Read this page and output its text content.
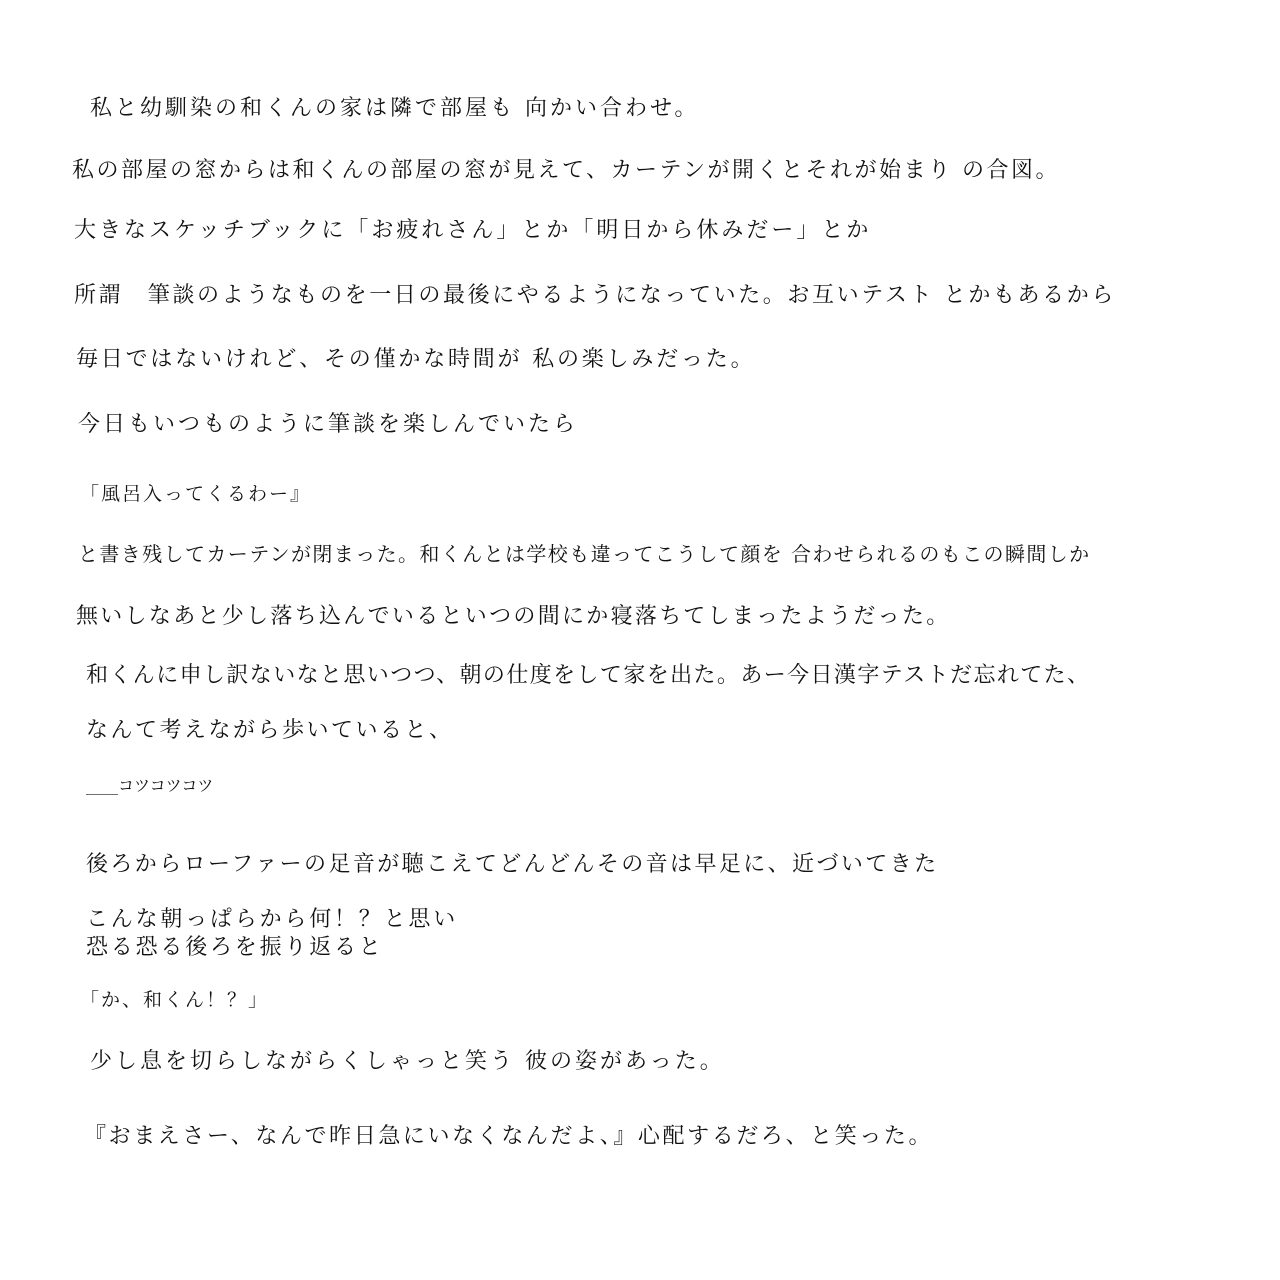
私と幼馴染の和くんの家は隣で部屋も 向かい合わせ。
私の部屋の窓からは和くんの部屋の窓が見えて、カーテンが開くとそれが始まり の合図。
大きなスケッチブックに「お疲れさん」とか「明日から休みだー」とか
所謂　筆談のようなものを一日の最後にやるようになっていた。お互いテスト とかもあるから
毎日ではないけれど、その僅かな時間が 私の楽しみだった。
今日もいつものように筆談を楽しんでいたら
「風呂入ってくるわー』
と書き残してカーテンが閉まった。和くんとは学校も違ってこうして顔を 合わせられるのもこの瞬間しか
無いしなあと少し落ち込んでいるといつの間にか寝落ちてしまったようだった。
和くんに申し訳ないなと思いつつ、朝の仕度をして家を出た。あー今日漢字テストだ忘れてた、
なんて考えながら歩いていると、
____コツコツコツ
後ろからローファーの足音が聴こえてどんどんその音は早足に、近づいてきた
こんな朝っぱらから何！？と思い
恐る恐る後ろを振り返ると
「か、和くん！？」
少し息を切らしながらくしゃっと笑う 彼の姿があった。
『おまえさー、なんで昨日急にいなくなんだよ、』心配するだろ、と笑った。
